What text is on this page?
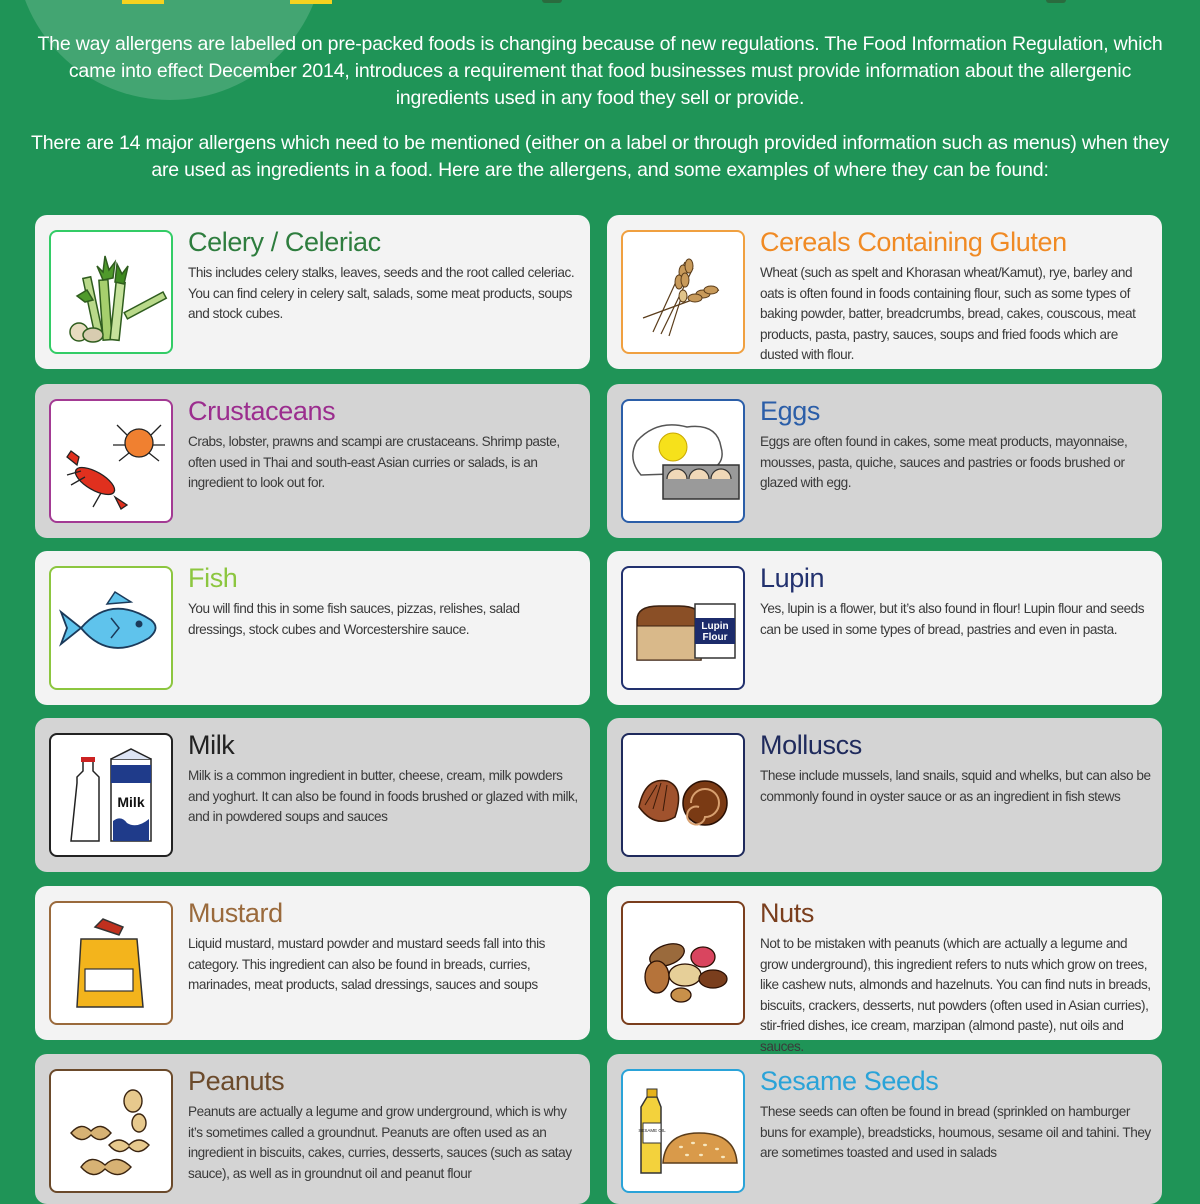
The way allergens are labelled on pre-packed foods is changing because of new regulations. The Food Information Regulation, which came into effect December 2014, introduces a requirement that food businesses must provide information about the allergenic ingredients used in any food they sell or provide.

There are 14 major allergens which need to be mentioned (either on a label or through provided information such as menus) when they are used as ingredients in a food. Here are the allergens, and some examples of where they can be found:

Celery / Celeriac

This includes celery stalks, leaves, seeds and the root called celeriac. You can find celery in celery salt, salads, some meat products, soups and stock cubes.

Cereals Containing Gluten

Wheat (such as spelt and Khorasan wheat/Kamut), rye, barley and oats is often found in foods containing flour, such as some types of baking powder, batter, breadcrumbs, bread, cakes, couscous, meat products, pasta, pastry, sauces, soups and fried foods which are dusted with flour.

Crustaceans

Crabs, lobster, prawns and scampi are crustaceans. Shrimp paste, often used in Thai and south-east Asian curries or salads, is an ingredient to look out for.

Eggs

Eggs are often found in cakes, some meat products, mayonnaise, mousses, pasta, quiche, sauces and pastries or foods brushed or glazed with egg.

Fish

You will find this in some fish sauces, pizzas, relishes, salad dressings, stock cubes and Worcestershire sauce.	Lupin
Flour
Lupin

Yes, lupin is a flower, but it’s also found in flour! Lupin flour and seeds can be used in some types of bread, pastries and even in pasta.

Milk
Milk

Milk is a common ingredient in butter, cheese, cream, milk powders and yoghurt. It can also be found in foods brushed or glazed with milk, and in powdered soups and sauces

Molluscs

These include mussels, land snails, squid and whelks, but can also be commonly found in oyster sauce or as an ingredient in fish stews

Mustard

Liquid mustard, mustard powder and mustard seeds fall into this category. This ingredient can also be found in breads, curries, marinades, meat products, salad dressings, sauces and soups

Nuts

Not to be mistaken with peanuts (which are actually a legume and grow underground), this ingredient refers to nuts which grow on trees, like cashew nuts, almonds and hazelnuts. You can find nuts in breads, biscuits, crackers, desserts, nut powders (often used in Asian curries), stir-fried dishes, ice cream, marzipan (almond paste), nut oils and sauces.

Peanuts

Peanuts are actually a legume and grow underground, which is why it’s sometimes called a groundnut. Peanuts are often used as an ingredient in biscuits, cakes, curries, desserts, sauces (such as satay sauce), as well as in groundnut oil and peanut flour

SESAME OIL
Sesame Seeds

These seeds can often be found in bread (sprinkled on hamburger buns for example), breadsticks, houmous, sesame oil and tahini. They are sometimes toasted and used in salads
